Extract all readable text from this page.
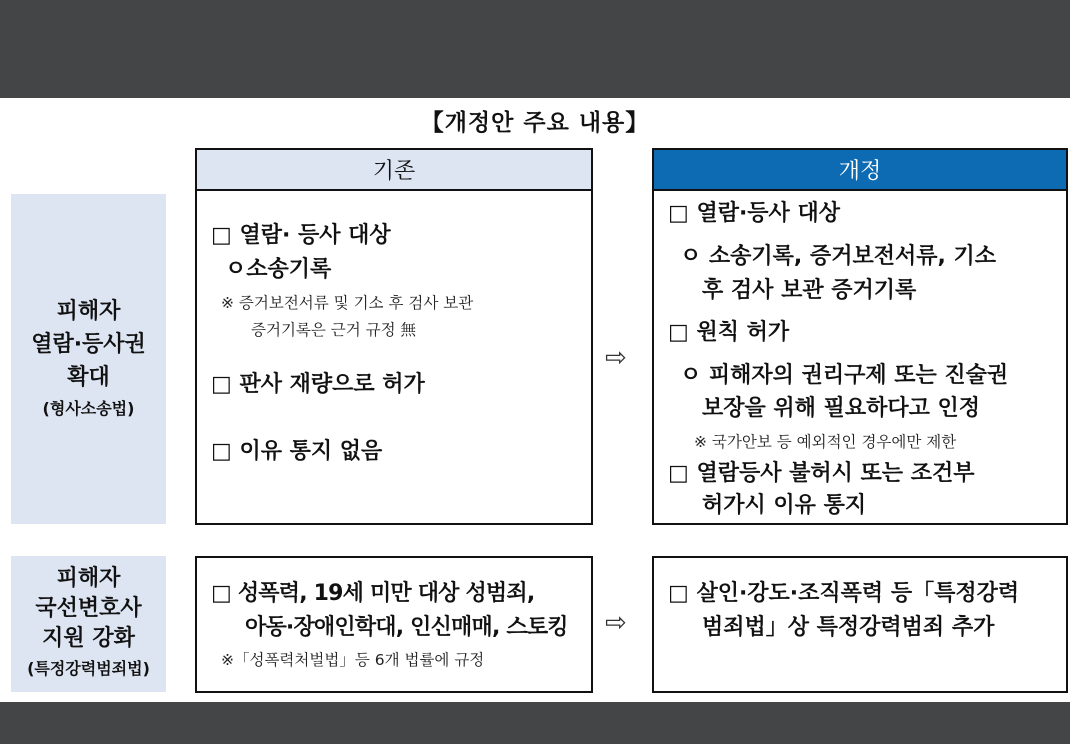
【개정안 주요 내용】
피해자
열람·등사권
확대
(형사소송법)
기존
□ 열람· 등사 대상
ㅇ소송기록
※ 증거보전서류 및 기소 후 검사 보관
증거기록은 근거 규정 無
□ 판사 재량으로 허가
□ 이유 통지 없음
⇨
개정
□ 열람·등사 대상
ㅇ 소송기록, 증거보전서류, 기소
후 검사 보관 증거기록
□ 원칙 허가
ㅇ 피해자의 권리구제 또는 진술권
보장을 위해 필요하다고 인정
※ 국가안보 등 예외적인 경우에만 제한
□ 열람등사 불허시 또는 조건부
허가시 이유 통지
피해자
국선변호사
지원 강화
(특정강력범죄법)
□ 성폭력, 19세 미만 대상 성범죄,
아동·장애인학대, 인신매매, 스토킹
※「성폭력처벌법」등 6개 법률에 규정
⇨
□ 살인·강도·조직폭력 등「특정강력
범죄법」상 특정강력범죄 추가
